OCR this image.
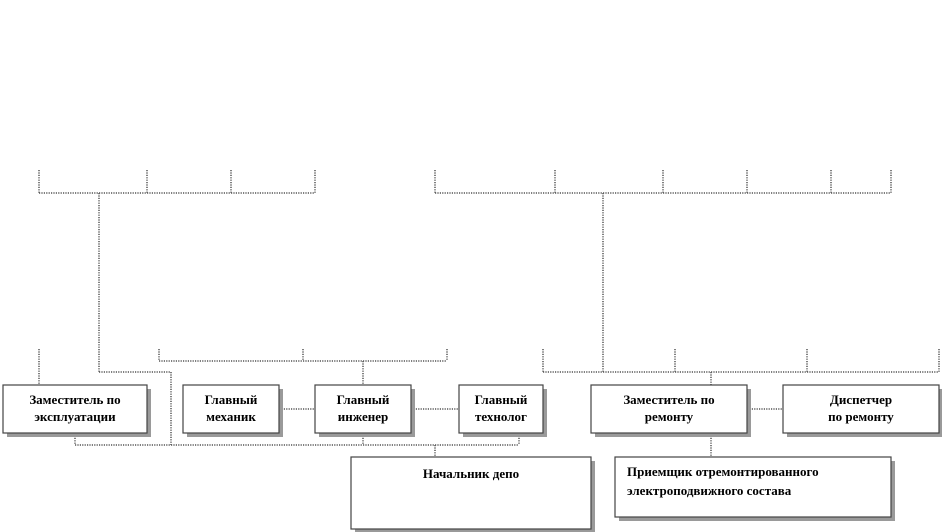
Заместитель по
эксплуатации
Главный
механик
Главный
инженер
Главный
технолог
Заместитель по
ремонту
Диспетчер
по ремонту
Начальник депо	Приемщик отремонтированного
электроподвижного состава
